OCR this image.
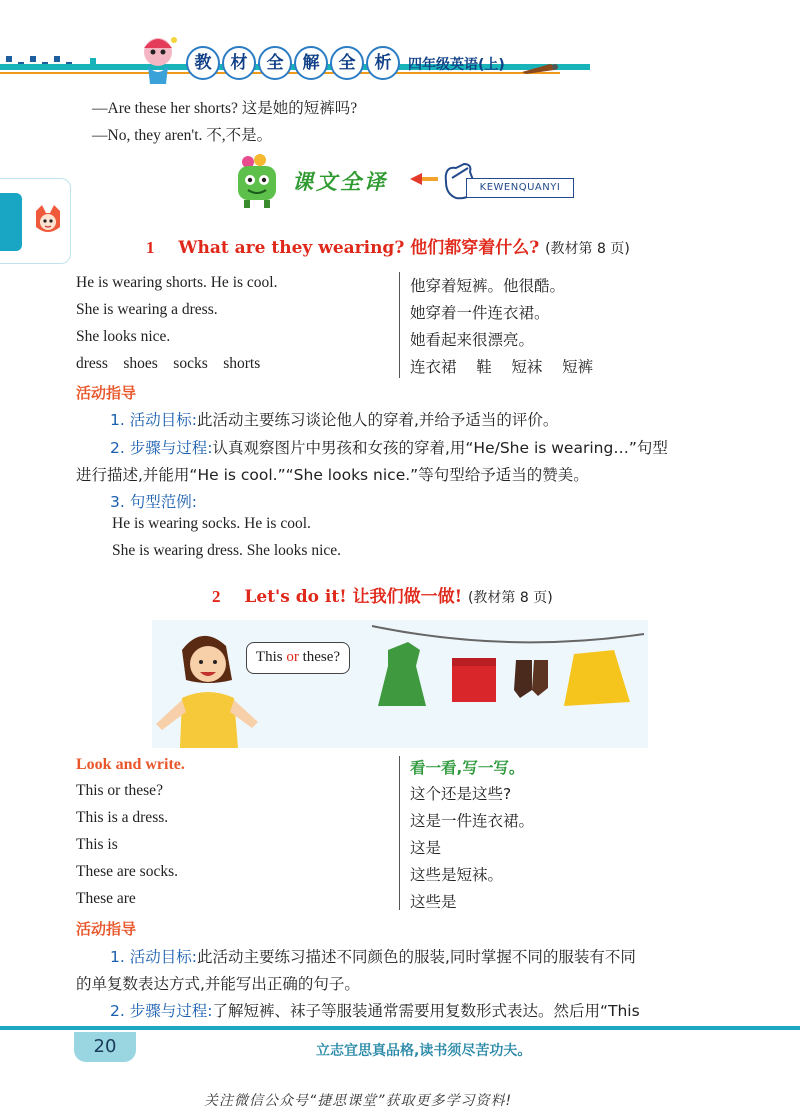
教	材	全	解	全	析	四年级英语(上)
—Are these her shorts? 这是她的短裤吗?
—No, they aren't. 不,不是。
课文全译	KEWENQUANYI
1 What are they wearing? 他们都穿着什么? (教材第 8 页)
He is wearing shorts. He is cool.	他穿着短裤。他很酷。
She is wearing a dress.	她穿着一件连衣裙。
She looks nice.	她看起来很漂亮。
dress    shoes    socks    shorts	连衣裙    鞋    短袜    短裤
活动指导
1. 活动目标:此活动主要练习谈论他人的穿着,并给予适当的评价。
2. 步骤与过程:认真观察图片中男孩和女孩的穿着,用“He/She is wearing…”句型
进行描述,并能用“He is cool.”“She looks nice.”等句型给予适当的赞美。
3. 句型范例:
He is wearing socks. He is cool.
She is wearing dress. She looks nice.
2 Let's do it! 让我们做一做! (教材第 8 页)
This or these?
Look and write.	看一看,写一写。
This or these?	这个还是这些?
This is a dress.	这是一件连衣裙。
This is	这是
These are socks.	这些是短袜。
These are	这些是
活动指导
1. 活动目标:此活动主要练习描述不同颜色的服装,同时掌握不同的服装有不同
的单复数表达方式,并能写出正确的句子。
2. 步骤与过程:了解短裤、袜子等服装通常需要用复数形式表达。然后用“This
20	立志宜思真品格,读书须尽苦功夫。
关注微信公众号“捷思课堂”获取更多学习资料!
